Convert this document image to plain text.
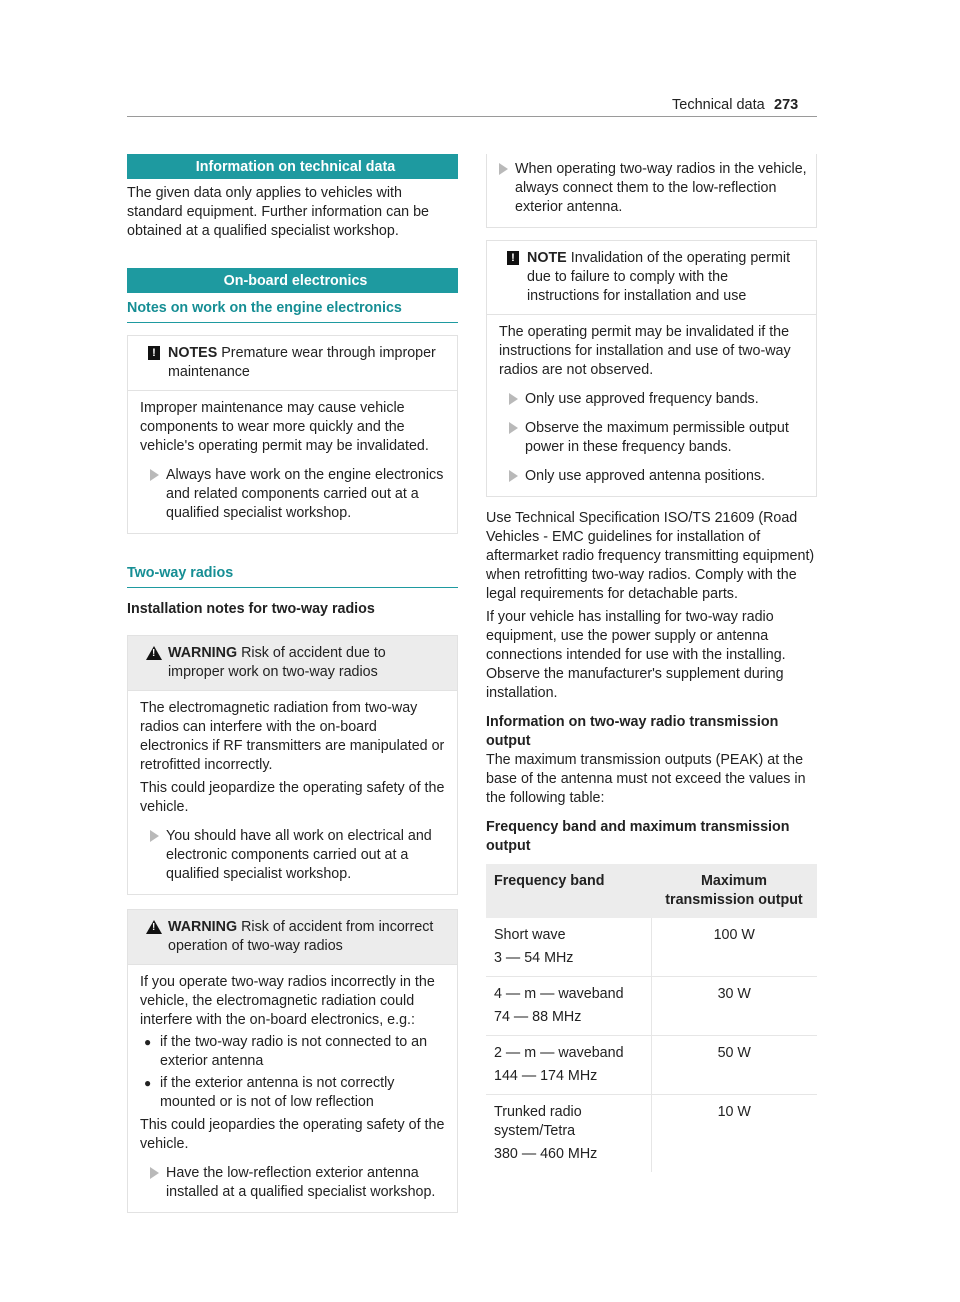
Technical data 273
Information on technical data

The given data only applies to vehicles with standard equipment. Further information can be obtained at a qualified specialist workshop.

On-board electronics
Notes on work on the engine electronics
! NOTES Premature wear through improper maintenance

Improper maintenance may cause vehicle components to wear more quickly and the vehicle's operating permit may be invalidated.

Always have work on the engine electronics and related components carried out at a qualified specialist workshop.
Two-way radios
Installation notes for two-way radios
!
WARNING Risk of accident due to improper work on two-way radios

The electromagnetic radiation from two-way radios can interfere with the on-board electronics if RF transmitters are manipulated or retrofitted incorrectly.

This could jeopardize the operating safety of the vehicle.

You should have all work on electrical and electronic components carried out at a qualified specialist workshop.
!
WARNING Risk of accident from incorrect operation of two-way radios

If you operate two-way radios incorrectly in the vehicle, the electromagnetic radiation could interfere with the on-board electronics, e.g.:

● if the two-way radio is not connected to an exterior antenna
● if the exterior antenna is not correctly mounted or is not of low reflection

This could jeopardies the operating safety of the vehicle.

Have the low-reflection exterior antenna installed at a qualified specialist workshop.
When operating two-way radios in the vehicle, always connect them to the low-reflection exterior antenna.
! NOTE Invalidation of the operating permit due to failure to comply with the instructions for installation and use

The operating permit may be invalidated if the instructions for installation and use of two-way radios are not observed.

Only use approved frequency bands.
Observe the maximum permissible output power in these frequency bands.
Only use approved antenna positions.

Use Technical Specification ISO/TS 21609 (Road Vehicles - EMC guidelines for installation of aftermarket radio frequency transmitting equipment) when retrofitting two-way radios. Comply with the legal requirements for detachable parts.

If your vehicle has installing for two-way radio equipment, use the power supply or antenna connections intended for use with the installing. Observe the manufacturer's supplement during installation.

Information on two-way radio transmission output

The maximum transmission outputs (PEAK) at the base of the antenna must not exceed the values in the following table:

Frequency band and maximum transmission output
Frequency band	Maximum transmission output

Short wave
3 — 54 MHz	100 W

4 — m — waveband
74 — 88 MHz	30 W

2 — m — waveband
144 — 174 MHz	50 W

Trunked radio system/Tetra
380 — 460 MHz	10 W
